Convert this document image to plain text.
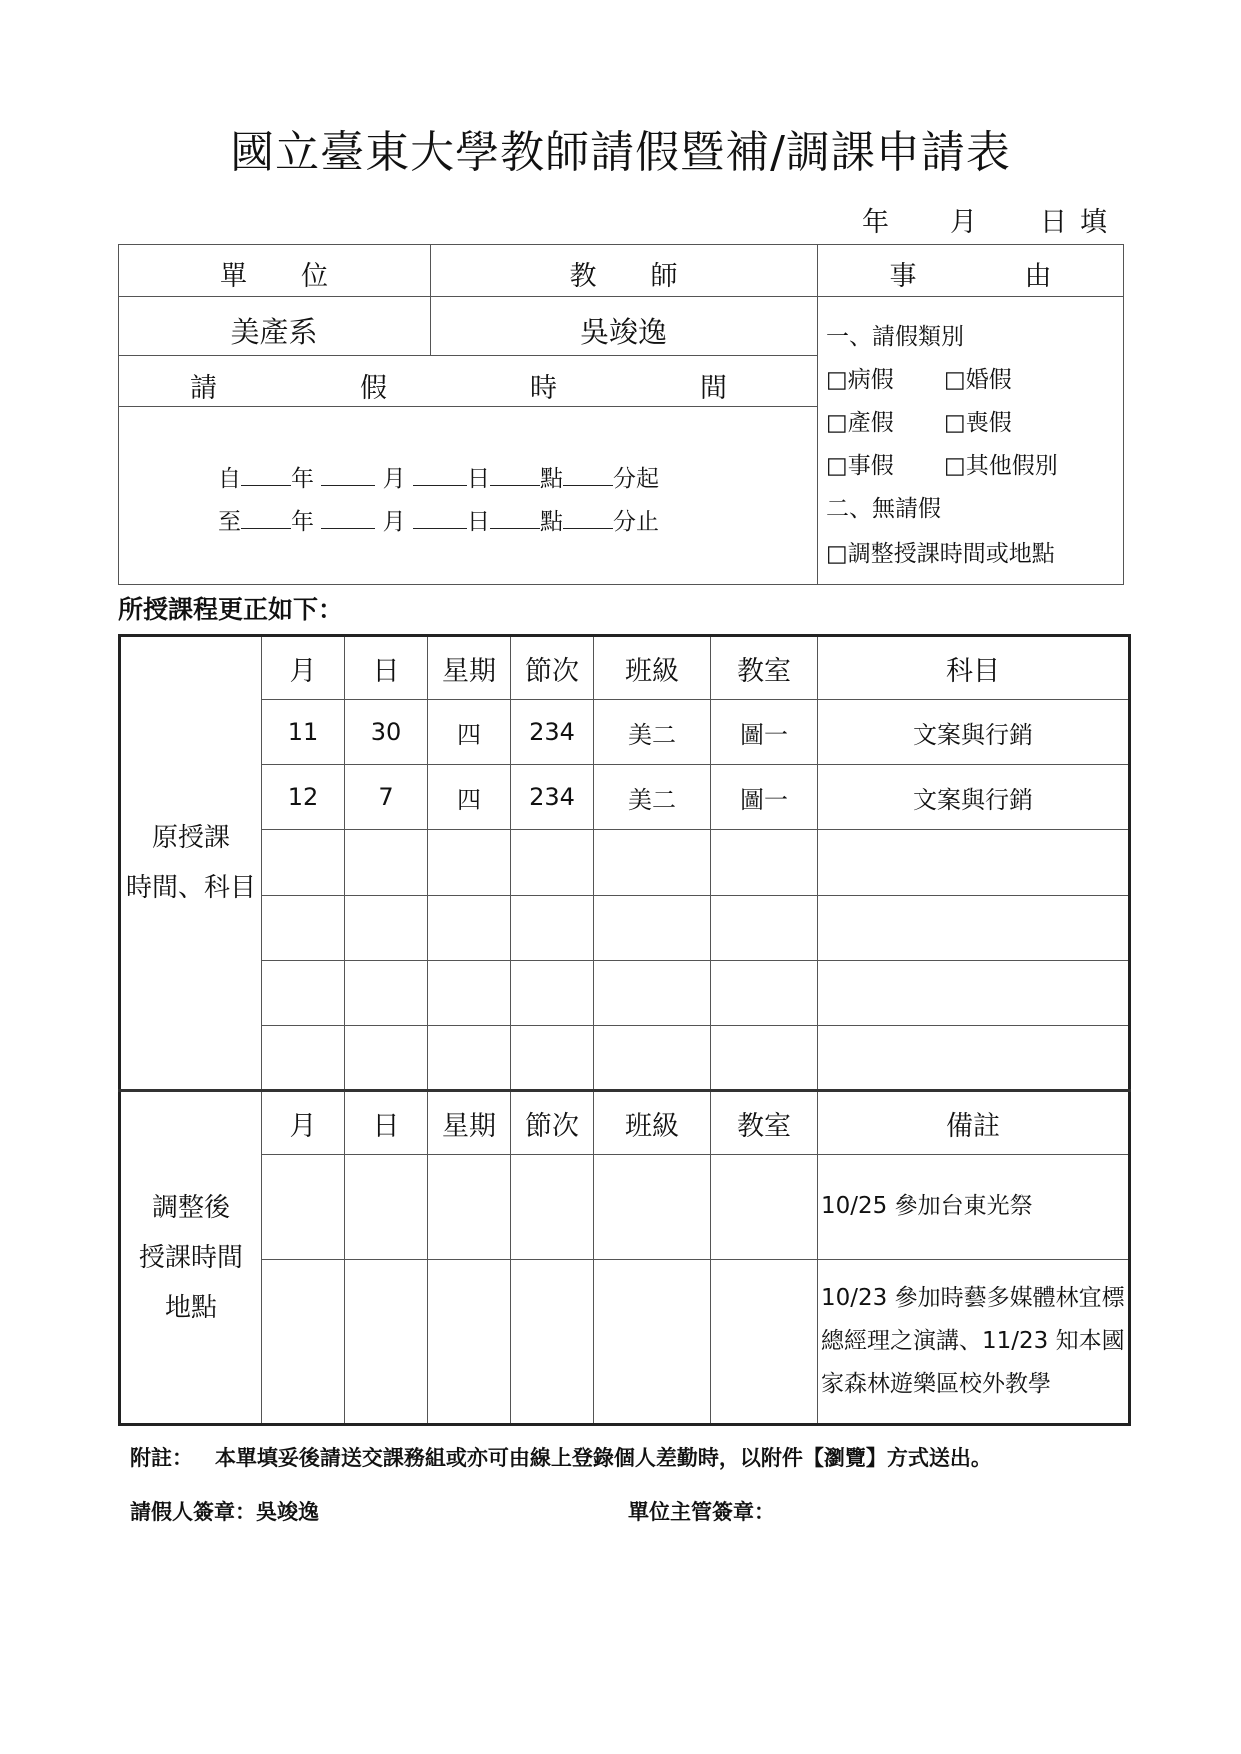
國立臺東大學教師請假暨補/調課申請表
年 月 日 填
單　　位	教　　師	事　　　　由
美產系	吳竣逸
請	假	時	間
自 年	月	日 點 分起
至 年	月	日 點 分止
一、請假類別
□病假 □婚假
□產假 □喪假
□事假 □其他假別
二、無請假
□調整授課時間或地點
所授課程更正如下：
原授課
時間、科目	月	日	星期	節次	班級	教室	科目
	11	30	四	234	美二	圖一	文案與行銷
	12	7	四	234	美二	圖一	文案與行銷

調整後
授課時間
地點	月	日	星期	節次	班級	教室	備註
							10/25 參加台東光祭
							10/23 參加時藝多媒體林宜標總經理之演講、11/23 知本國家森林遊樂區校外教學
附註： 本單填妥後請送交課務組或亦可由線上登錄個人差勤時，以附件【瀏覽】方式送出。
請假人簽章：吳竣逸	單位主管簽章：
